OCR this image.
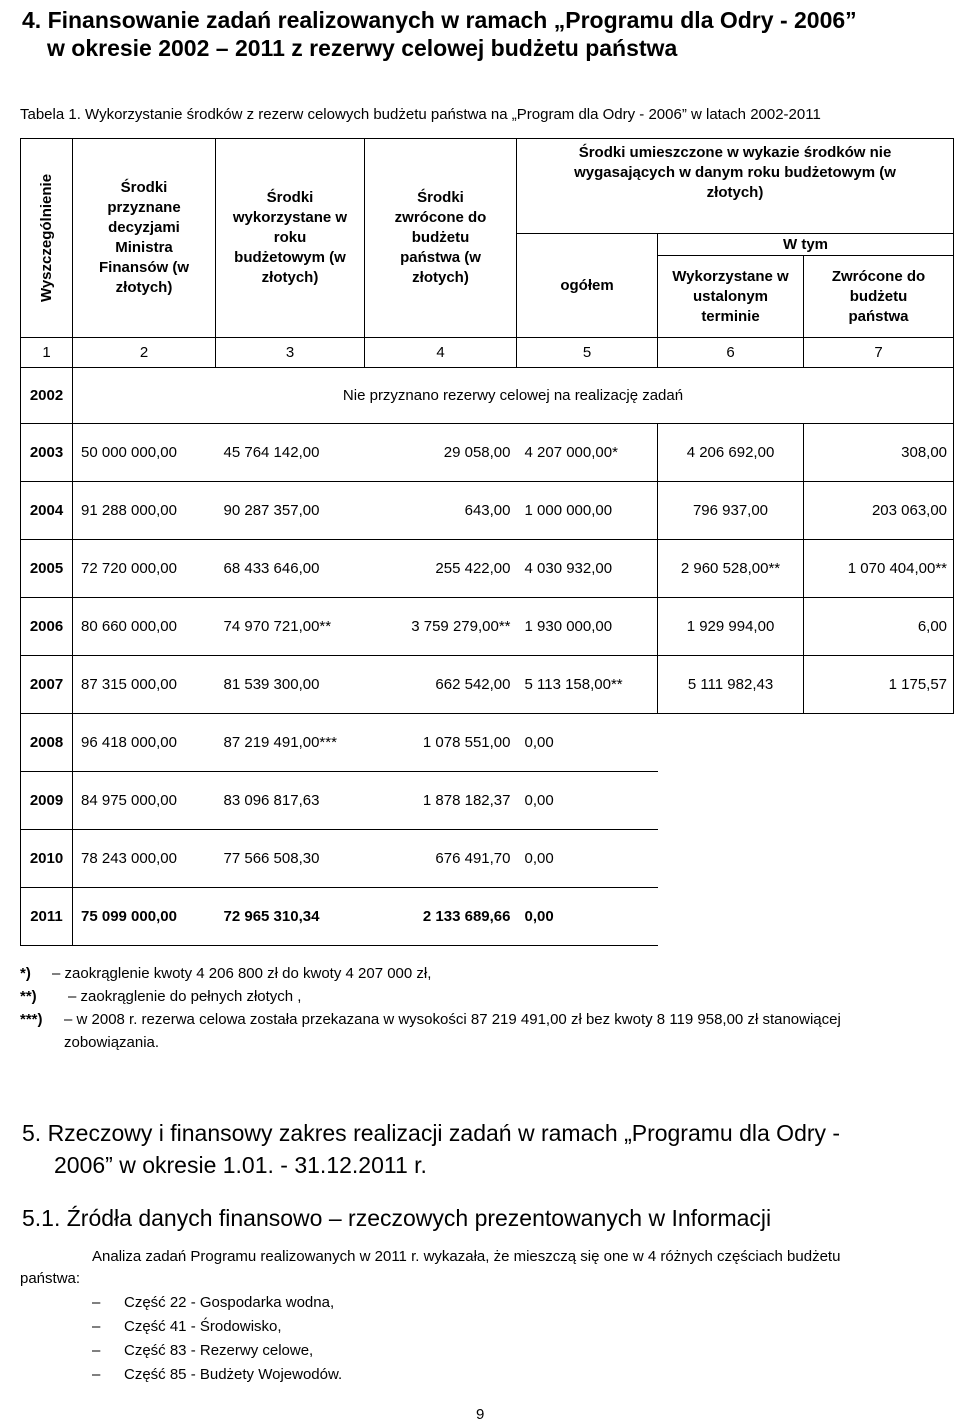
4. Finansowanie zadań realizowanych w ramach „Programu dla Odry - 2006”
w okresie 2002 – 2011 z rezerwy celowej budżetu państwa
Tabela 1. Wykorzystanie środków z rezerw celowych budżetu państwa na „Program dla Odry - 2006” w latach 2002-2011
Wyszczególnienie	Środki przyznane decyzjami Ministra Finansów (w złotych)	Środki wykorzystane w roku budżetowym (w złotych)	Środki zwrócone do budżetu państwa (w złotych)	Środki umieszczone w wykazie środków nie wygasających w danym roku budżetowym (w złotych)		
				ogółem	W tym	
					Wykorzystane w ustalonym terminie	Zwrócone do budżetu państwa
1	2	3	4	5	6	7
2002	Nie przyznano rezerwy celowej na realizację zadań					
2003	50 000 000,00	45 764 142,00	29 058,00	4 207 000,00*	4 206 692,00	308,00
2004	91 288 000,00	90 287 357,00	643,00	1 000 000,00	796 937,00	203 063,00
2005	72 720 000,00	68 433 646,00	255 422,00	4 030 932,00	2 960 528,00**	1 070 404,00**
2006	80 660 000,00	74 970 721,00**	3 759 279,00**	1 930 000,00	1 929 994,00	6,00
2007	87 315 000,00	81 539 300,00	662 542,00	5 113 158,00**	5 111 982,43	1 175,57
2008	96 418 000,00	87 219 491,00***	1 078 551,00	0,00		
2009	84 975 000,00	83 096 817,63	1 878 182,37	0,00		
2010	78 243 000,00	77 566 508,30	676 491,70	0,00		
2011	75 099 000,00	72 965 310,34	2 133 689,66	0,00		
*) – zaokrąglenie kwoty 4 206 800 zł do kwoty 4 207 000 zł,
**) – zaokrąglenie do pełnych złotych ,
***) – w 2008 r. rezerwa celowa została przekazana w wysokości 87 219 491,00 zł bez kwoty 8 119 958,00 zł stanowiącej
zobowiązania.
5. Rzeczowy i finansowy zakres realizacji zadań w ramach „Programu dla Odry -
2006” w okresie 1.01. - 31.12.2011 r.
5.1. Źródła danych finansowo – rzeczowych prezentowanych w Informacji
Analiza zadań Programu realizowanych w 2011 r. wykazała, że mieszczą się one w 4 różnych częściach budżetu
państwa:
– Część 22 - Gospodarka wodna,
– Część 41 - Środowisko,
– Część 83 - Rezerwy celowe,
– Część 85 - Budżety Wojewodów.
9
